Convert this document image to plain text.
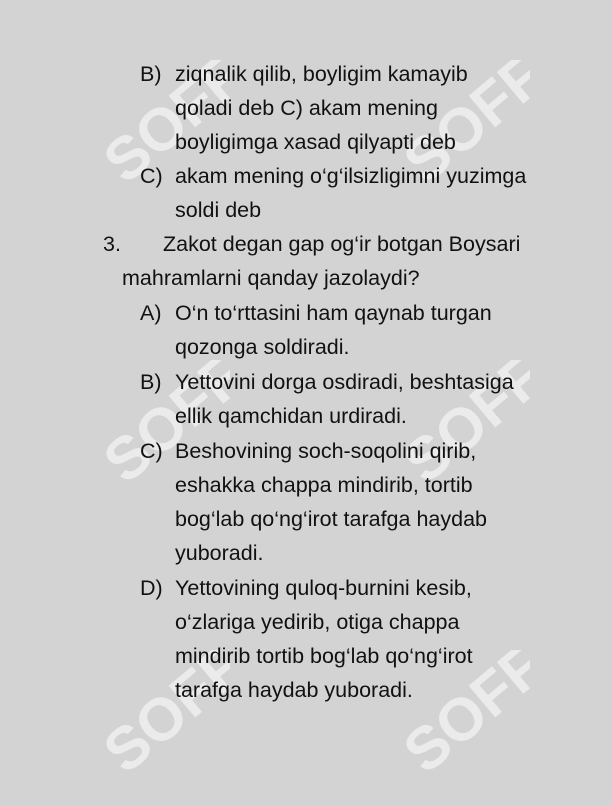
SOFF SOFF
SOFF SOFF
SOFF SOFF
B) ziqnalik qilib, boyligim kamayib
qoladi deb C) akam mening
boyligimga xasad qilyapti deb
C) akam mening o‘g‘ilsizligimni yuzimga
soldi deb
3. Zakot degan gap og‘ir botgan Boysari
mahramlarni qanday jazolaydi?
A) O‘n to‘rttasini ham qaynab turgan
qozonga soldiradi.
B) Yettovini dorga osdiradi, beshtasiga
ellik qamchidan urdiradi.
C) Beshovining soch-soqolini qirib,
eshakka chappa mindirib, tortib
bog‘lab qo‘ng‘irot tarafga haydab
yuboradi.
D) Yettovining quloq-burnini kesib,
o‘zlariga yedirib, otiga chappa
mindirib tortib bog‘lab qo‘ng‘irot
tarafga haydab yuboradi.
